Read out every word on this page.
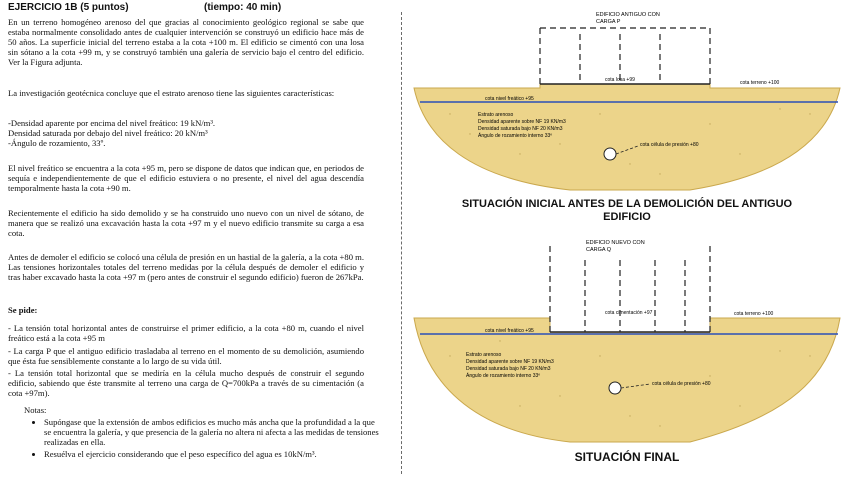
EJERCICIO 1B (5 puntos)	(tiempo: 40 min)

En un terreno homogéneo arenoso del que gracias al conocimiento geológico regional se sabe que estaba normalmente consolidado antes de cualquier intervención se construyó un edificio hace más de 50 años. La superficie inicial del terreno estaba a la cota +100 m. El edificio se cimentó con una losa sin sótano a la cota +99 m, y se construyó también una galería de servicio bajo el centro del edificio. Ver la Figura adjunta.

La investigación geotécnica concluye que el estrato arenoso tiene las siguientes características:

-Densidad aparente por encima del nivel freático: 19 kN/m³.

Densidad saturada por debajo del nivel freático: 20 kN/m³

-Ángulo de rozamiento, 33º.

El nivel freático se encuentra a la cota +95 m, pero se dispone de datos que indican que, en periodos de sequía e independientemente de que el edificio estuviera o no presente, el nivel del agua descendía temporalmente hasta la cota +90 m.

Recientemente el edificio ha sido demolido y se ha construido uno nuevo con un nivel de sótano, de manera que se realizó una excavación hasta la cota +97 m y el nuevo edificio transmite su carga a esa cota.

Antes de demoler el edificio se colocó una célula de presión en un hastial de la galería, a la cota +80 m. Las tensiones horizontales totales del terreno medidas por la célula después de demoler el edificio y tras haber excavado hasta la cota +97 m (pero antes de construir el segundo edificio) fueron de 267kPa.

Se pide:

- La tensión total horizontal antes de construirse el primer edificio, a la cota +80 m, cuando el nivel freático está a la cota +95 m

- La carga P que el antiguo edificio trasladaba al terreno en el momento de su demolición, asumiendo que ésta fue sensiblemente constante a lo largo de su vida útil.

- La tensión total horizontal que se mediría en la célula mucho después de construir el segundo edificio, sabiendo que éste transmite al terreno una carga de Q=700kPa a través de su cimentación (a cota +97m).

Notas:

• Supóngase que la extensión de ambos edificios es mucho más ancha que la profundidad a la que se encuentra la galería, y que presencia de la galería no altera ni afecta a las medidas de tensiones realizadas en ella.
• Resuélva el ejercicio considerando que el peso específico del agua es 10kN/m³.
EDIFICIO ANTIGUO CON
CARGA P
cota losa +99	cota terreno +100
cota nivel freático +95
Estrato arenoso
Densidad aparente sobre NF 19 KN/m3
Densidad saturada bajo NF 20 KN/m3
Ángulo de rozamiento interno 33º
cota célula de presión +80
SITUACIÓN INICIAL ANTES DE LA DEMOLICIÓN DEL ANTIGUO
EDIFICIO
EDIFICIO NUEVO CON
CARGA Q
cota cimentación +97	cota terreno +100
cota nivel freático +95
Estrato arenoso
Densidad aparente sobre NF 19 KN/m3
Densidad saturada bajo NF 20 KN/m3
Ángulo de rozamiento interno 33º
cota célula de presión +80
SITUACIÓN FINAL
